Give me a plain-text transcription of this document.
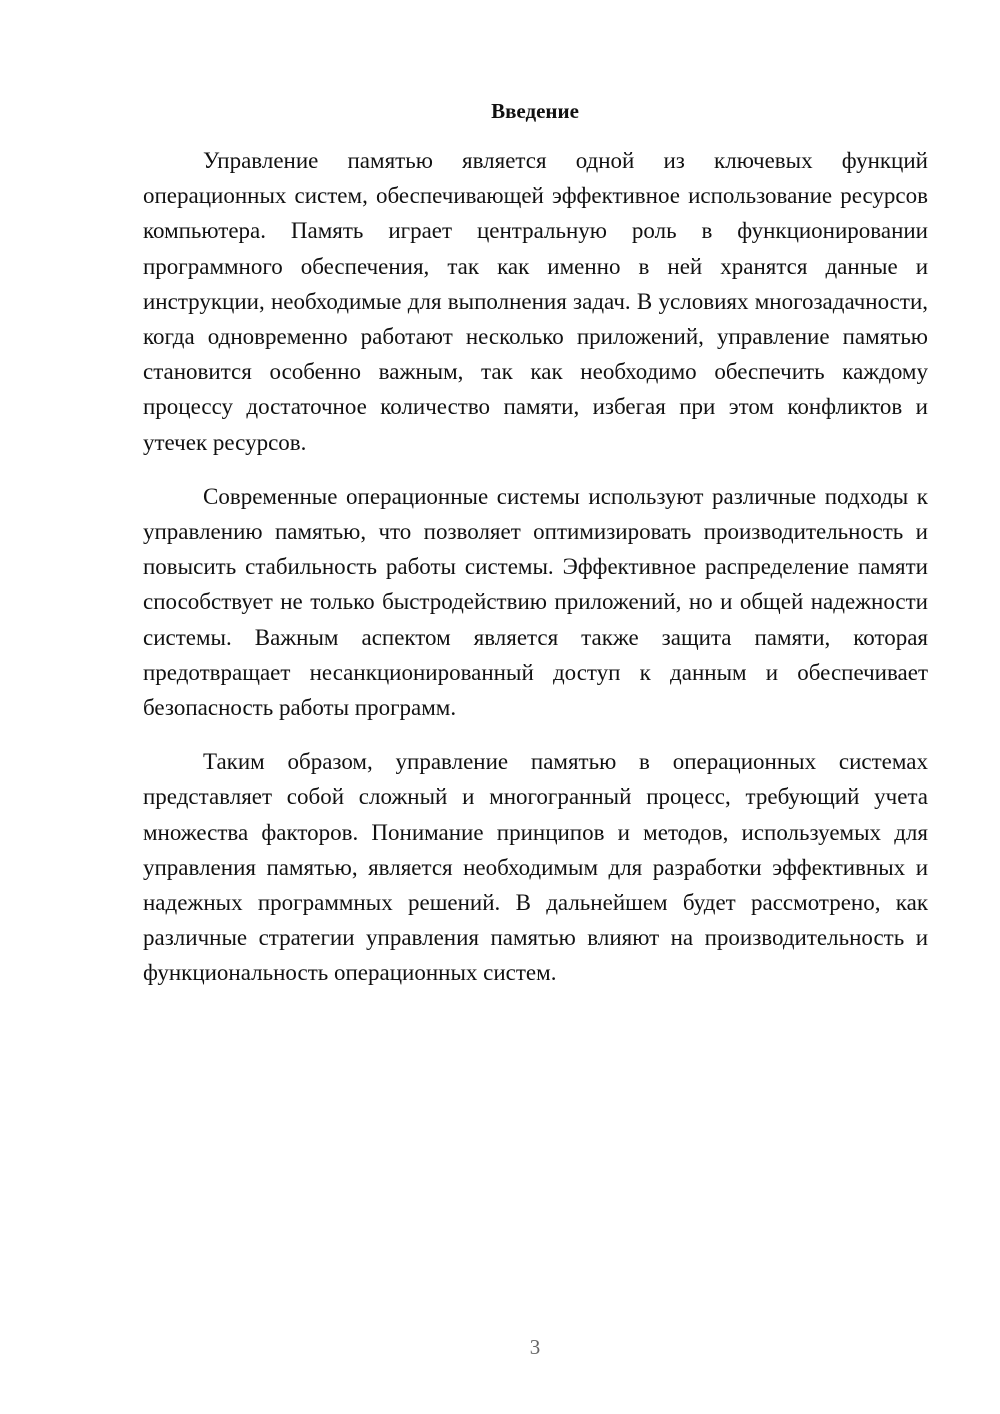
Введение

Управление памятью является одной из ключевых функций операционных систем, обеспечивающей эффективное использование ресурсов компьютера. Память играет центральную роль в функционировании программного обеспечения, так как именно в ней хранятся данные и инструкции, необходимые для выполнения задач. В условиях многозадачности, когда одновременно работают несколько приложений, управление памятью становится особенно важным, так как необходимо обеспечить каждому процессу достаточное количество памяти, избегая при этом конфликтов и утечек ресурсов.

Современные операционные системы используют различные подходы к управлению памятью, что позволяет оптимизировать производительность и повысить стабильность работы системы. Эффективное распределение памяти способствует не только быстродействию приложений, но и общей надежности системы. Важным аспектом является также защита памяти, которая предотвращает несанкционированный доступ к данным и обеспечивает безопасность работы программ.

Таким образом, управление памятью в операционных системах представляет собой сложный и многогранный процесс, требующий учета множества факторов. Понимание принципов и методов, используемых для управления памятью, является необходимым для разработки эффективных и надежных программных решений. В дальнейшем будет рассмотрено, как различные стратегии управления памятью влияют на производительность и функциональность операционных систем.

3
